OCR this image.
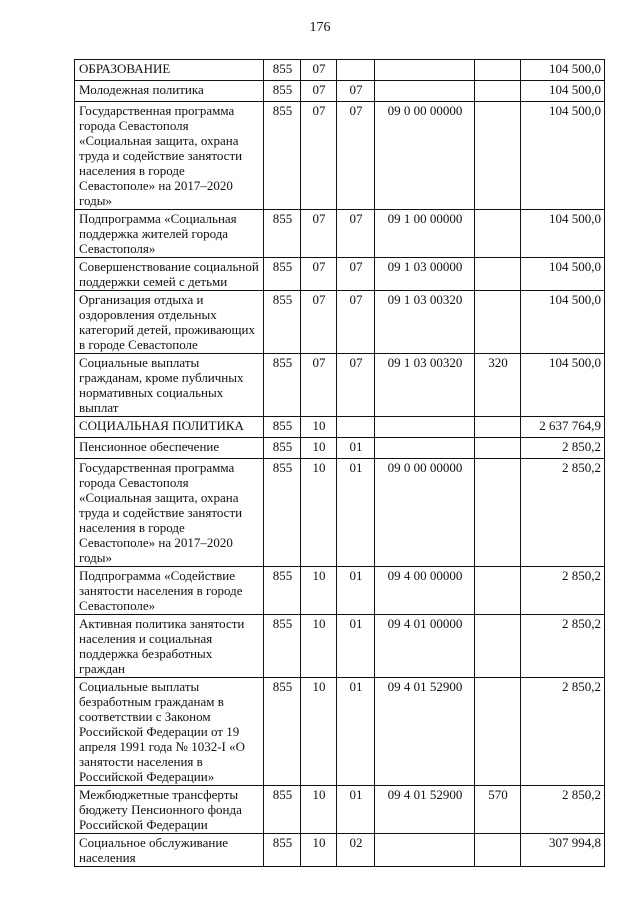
176
ОБРАЗОВАНИЕ	855	07				104 500,0
Молодежная политика	855	07	07			104 500,0
Государственная программа города Севастополя «Социальная защита, охрана труда и содействие занятости населения в городе Севастополе» на 2017–2020 годы»	855	07	07	09 0 00 00000		104 500,0
Подпрограмма «Социальная поддержка жителей города Севастополя»	855	07	07	09 1 00 00000		104 500,0
Совершенствование социальной поддержки семей с детьми	855	07	07	09 1 03 00000		104 500,0
Организация отдыха и оздоровления отдельных категорий детей, проживающих в городе Севастополе	855	07	07	09 1 03 00320		104 500,0
Социальные выплаты гражданам, кроме публичных нормативных социальных выплат	855	07	07	09 1 03 00320	320	104 500,0
СОЦИАЛЬНАЯ ПОЛИТИКА	855	10				2 637 764,9
Пенсионное обеспечение	855	10	01			2 850,2
Государственная программа города Севастополя «Социальная защита, охрана труда и содействие занятости населения в городе Севастополе» на 2017–2020 годы»	855	10	01	09 0 00 00000		2 850,2
Подпрограмма «Содействие занятости населения в городе Севастополе»	855	10	01	09 4 00 00000		2 850,2
Активная политика занятости населения и социальная поддержка безработных граждан	855	10	01	09 4 01 00000		2 850,2
Социальные выплаты безработным гражданам в соответствии с Законом Российской Федерации от 19 апреля 1991 года № 1032-I «О занятости населения в Российской Федерации»	855	10	01	09 4 01 52900		2 850,2
Межбюджетные трансферты бюджету Пенсионного фонда Российской Федерации	855	10	01	09 4 01 52900	570	2 850,2
Социальное обслуживание населения	855	10	02			307 994,8
